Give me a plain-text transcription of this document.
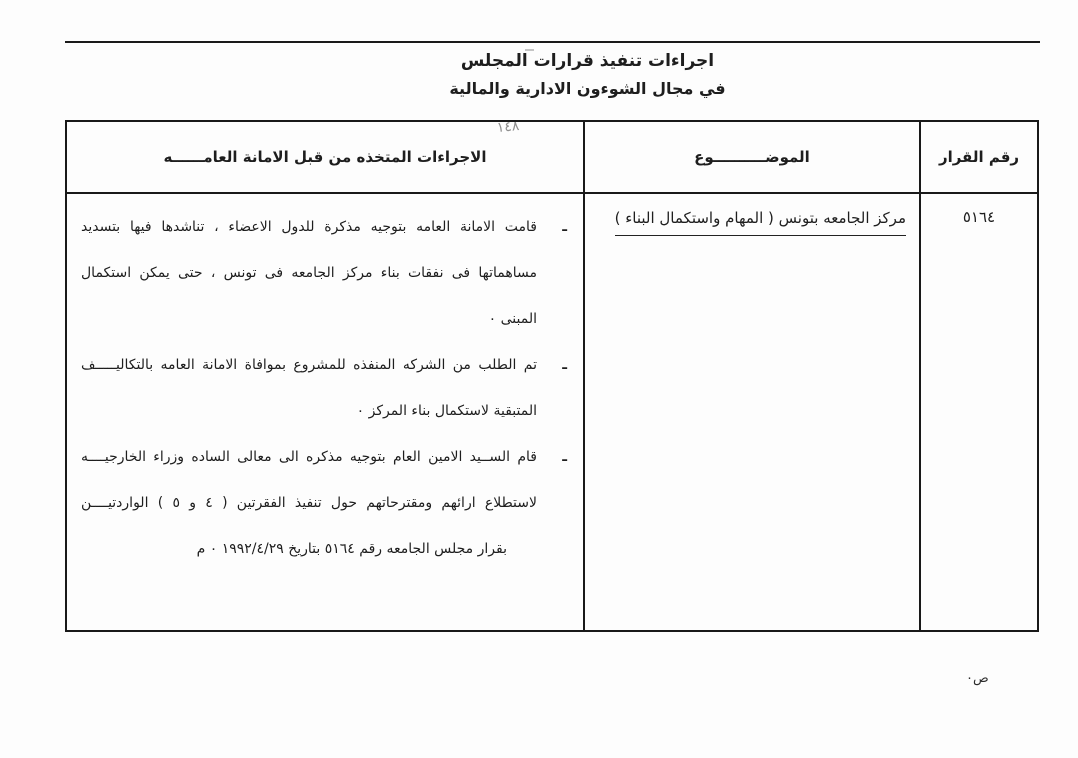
اجراءات تنفيذ قرارات المجلس
في مجال الشوءون الادارية والمالية
١٤٨
رقم القرار
٥١٦٤
الموضــــــــــوع
مركز الجامعه بتونس ( المهام واستكمال البناء )
الاجراءات المتخذه من قبل الامانة العامــــــه
ـ
قامت الامانة العامه بتوجيه مذكرة للدول الاعضاء ، تناشدها فيها بتسديد
مساهماتها فى نفقات بناء مركز الجامعه فى تونس ، حتى يمكن استكمال
المبنى ٠
ـ
تم الطلب من الشركه المنفذه للمشروع بموافاة الامانة العامه بالتكاليـــــف
المتبقية لاستكمال بناء المركز ٠
ـ
قام الســيد الامين العام بتوجيه مذكره الى معالى الساده وزراء الخارجيــــه
لاستطلاع ارائهم ومقترحاتهم حول تنفيذ الفقرتين ( ٤ و ٥ ) الواردتيــــن
بقرار مجلس الجامعه رقم ٥١٦٤ بتاريخ ١٩٩٢/٤/٢٩ ٠ م
ص٠
